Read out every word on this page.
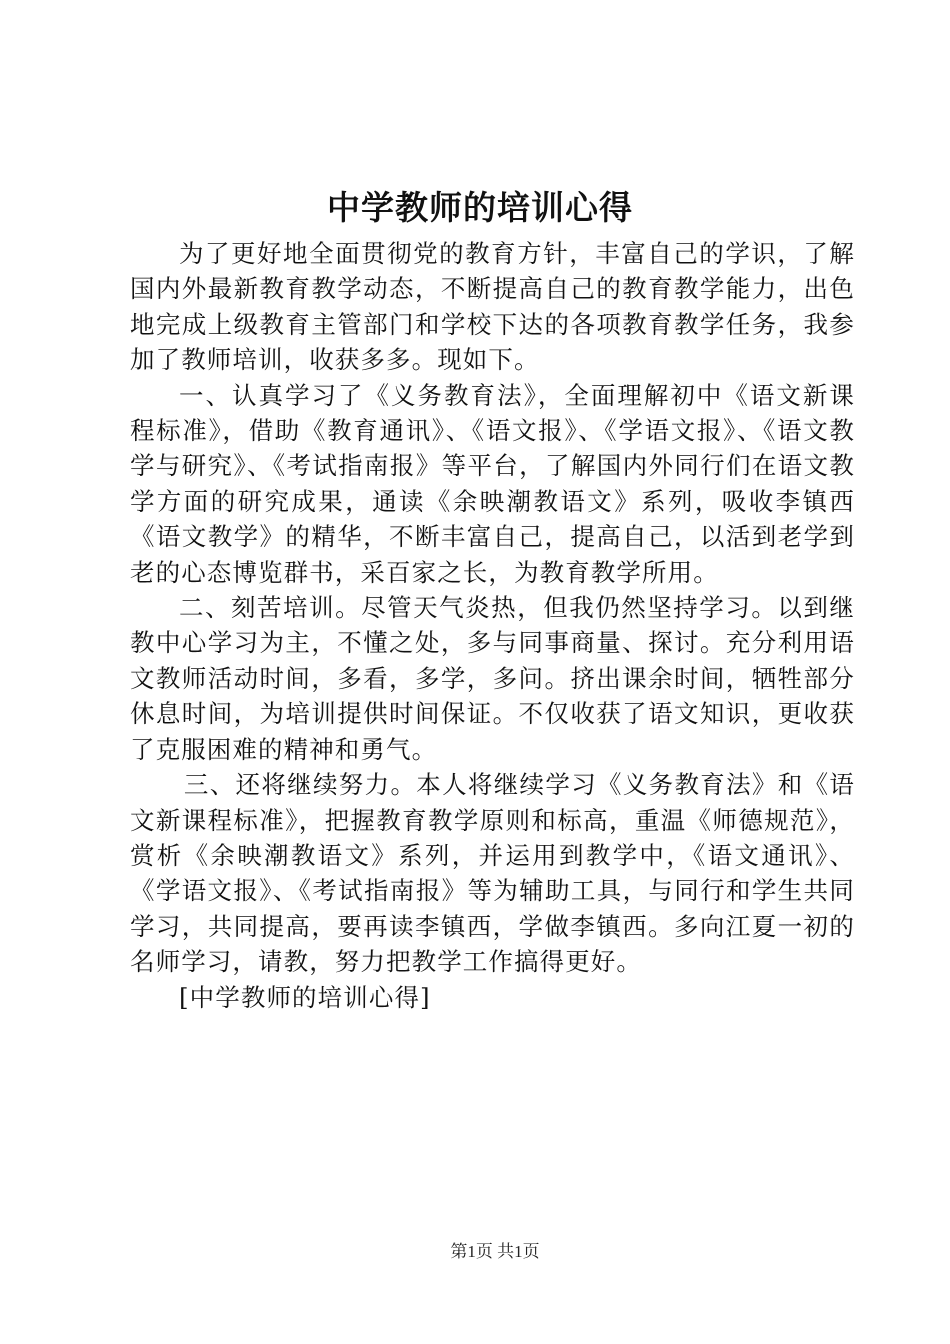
中学教师的培训心得

为了更好地全面贯彻党的教育方针，丰富自己的学识，了解国内外最新教育教学动态，不断提高自己的教育教学能力，出色地完成上级教育主管部门和学校下达的各项教育教学任务，我参加了教师培训，收获多多。现如下。

一、认真学习了《义务教育法》，全面理解初中《语文新课程标准》，借助《教育通讯》、《语文报》、《学语文报》、《语文教学与研究》、《考试指南报》等平台，了解国内外同行们在语文教学方面的研究成果，通读《余映潮教语文》系列，吸收李镇西《语文教学》的精华，不断丰富自己，提高自己，以活到老学到老的心态博览群书，采百家之长，为教育教学所用。

二、刻苦培训。尽管天气炎热，但我仍然坚持学习。以到继教中心学习为主，不懂之处，多与同事商量、探讨。充分利用语文教师活动时间，多看，多学，多问。挤出课余时间，牺牲部分休息时间，为培训提供时间保证。不仅收获了语文知识，更收获了克服困难的精神和勇气。

三、还将继续努力。本人将继续学习《义务教育法》和《语文新课程标准》，把握教育教学原则和标高，重温《师德规范》，赏析《余映潮教语文》系列，并运用到教学中，《语文通讯》、《学语文报》、《考试指南报》等为辅助工具，与同行和学生共同学习，共同提高，要再读李镇西，学做李镇西。多向江夏一初的名师学习，请教，努力把教学工作搞得更好。

[中学教师的培训心得]

第1页 共1页
